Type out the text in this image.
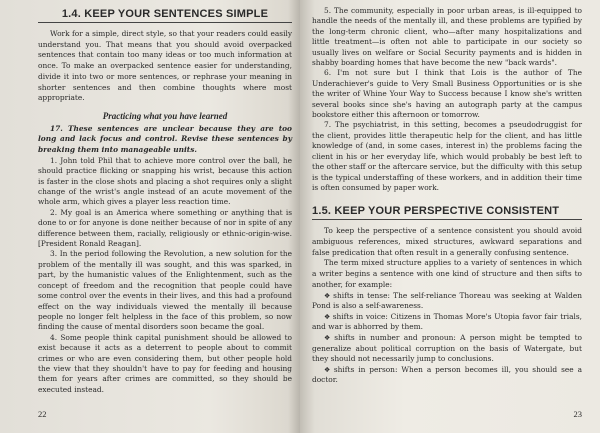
1.4. KEEP YOUR SENTENCES SIMPLE

Work for a simple, direct style, so that your readers could easily understand you. That means that you should avoid overpacked sentences that contain too many ideas or too much information at once. To make an overpacked sentence easier for understanding, divide it into two or more sentences, or rephrase your meaning in shorter sentences and then combine thoughts where most appropriate.

Practicing what you have learned

17. These sentences are unclear because they are too long and lack focus and control. Revise these sentences by breaking them into manageable units.

1. John told Phil that to achieve more control over the ball, he should practice flicking or snapping his wrist, because this action is faster in the close shots and placing a shot requires only a slight change of the wrist's angle instead of an acute movement of the whole arm, which gives a player less reaction time.

2. My goal is an America where something or anything that is done to or for anyone is done neither because of nor in spite of any difference between them, racially, religiously or ethnic-origin-wise. [President Ronald Reagan].

3. In the period following the Revolution, a new solution for the problem of the mentally ill was sought, and this was sparked, in part, by the humanistic values of the Enlightenment, such as the concept of freedom and the recognition that people could have some control over the events in their lives, and this had a profound effect on the way individuals viewed the mentally ill because people no longer felt helpless in the face of this problem, so now finding the cause of mental disorders soon became the goal.

4. Some people think capital punishment should be allowed to exist because it acts as a deterrent to people about to commit crimes or who are even considering them, but other people hold the view that they shouldn't have to pay for feeding and housing them for years after crimes are committed, so they should be executed instead.

22

5. The community, especially in poor urban areas, is ill-equipped to handle the needs of the mentally ill, and these problems are typified by the long-term chronic client, who—after many hospitalizations and little treatment—is often not able to participate in our society so usually lives on welfare or Social Security payments and is hidden in shabby boarding homes that have become the new "back wards".

6. I'm not sure but I think that Lois is the author of The Underachiever's guide to Very Small Business Opportunities or is she the writer of Whine Your Way to Success because I know she's written several books since she's having an autograph party at the campus bookstore either this afternoon or tomorrow.

7. The psychiatrist, in this setting, becomes a pseudodruggist for the client, provides little therapeutic help for the client, and has little knowledge of (and, in some cases, interest in) the problems facing the client in his or her everyday life, which would probably be best left to the other staff or the aftercare service, but the difficulty with this setup is the typical understaffing of these workers, and in addition their time is often consumed by paper work.

1.5. KEEP YOUR PERSPECTIVE CONSISTENT

To keep the perspective of a sentence consistent you should avoid ambiguous references, mixed structures, awkward separations and false predication that often result in a generally confusing sentence.

The term mixed structure applies to a variety of sentences in which a writer begins a sentence with one kind of structure and then sifts to another, for example:

❖ shifts in tense: The self-reliance Thoreau was seeking at Walden Pond is also a self-awareness.

❖ shifts in voice: Citizens in Thomas More's Utopia favor fair trials, and war is abhorred by them.

❖ shifts in number and pronoun: A person might be tempted to generalize about political corruption on the basis of Watergate, but they should not necessarily jump to conclusions.

❖ shifts in person: When a person becomes ill, you should see a doctor.

23
